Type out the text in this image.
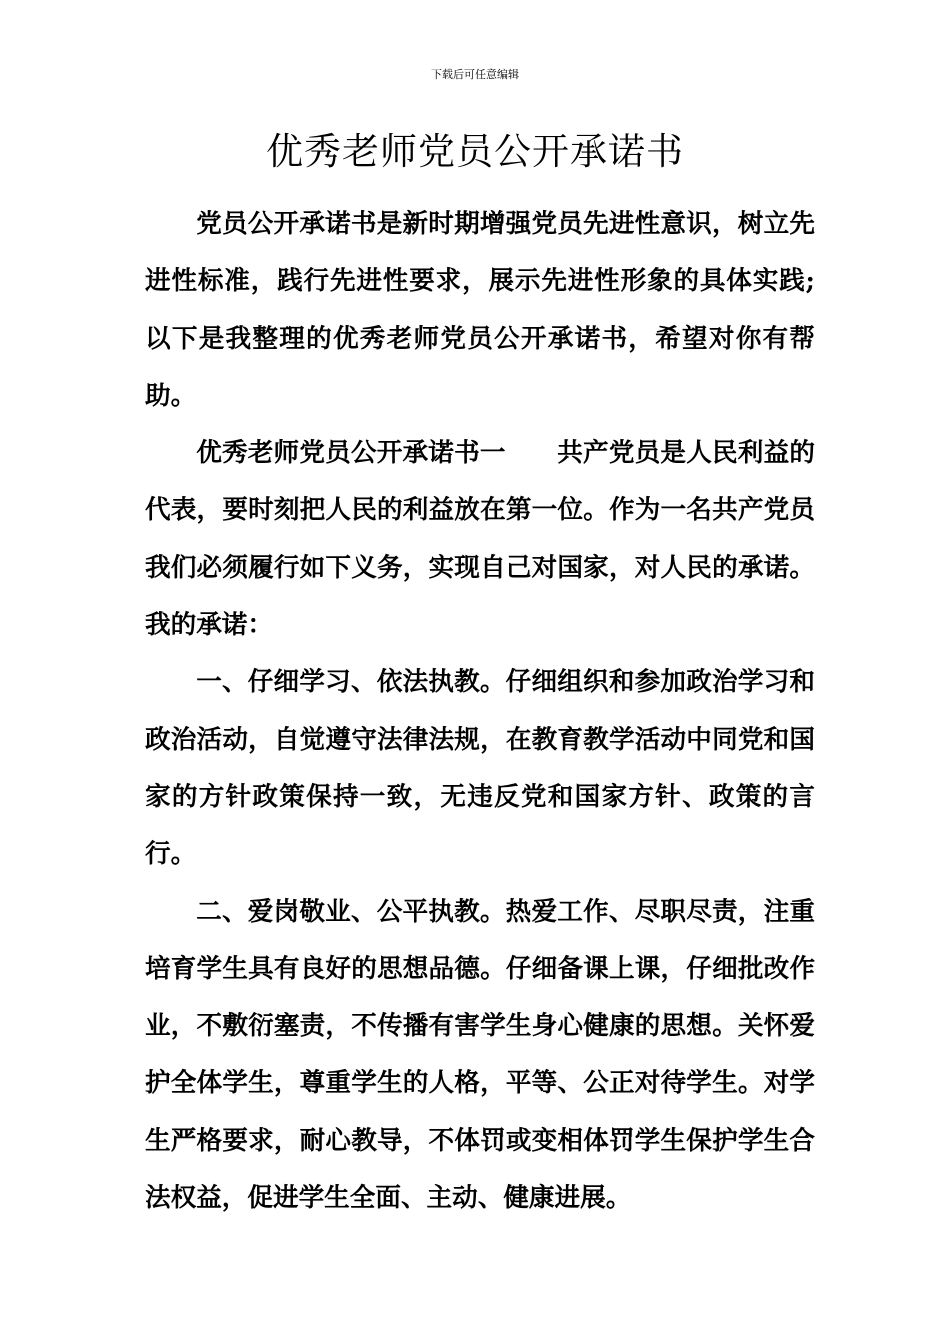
下载后可任意编辑
优秀老师党员公开承诺书

党员公开承诺书是新时期增强党员先进性意识，树立先进性标准，践行先进性要求，展示先进性形象的具体实践;以下是我整理的优秀老师党员公开承诺书，希望对你有帮助。

优秀老师党员公开承诺书一　　共产党员是人民利益的代表，要时刻把人民的利益放在第一位。作为一名共产党员我们必须履行如下义务，实现自己对国家，对人民的承诺。我的承诺：

一、仔细学习、依法执教。仔细组织和参加政治学习和政治活动，自觉遵守法律法规，在教育教学活动中同党和国家的方针政策保持一致，无违反党和国家方针、政策的言行。

二、爱岗敬业、公平执教。热爱工作、尽职尽责，注重培育学生具有良好的思想品德。仔细备课上课，仔细批改作业，不敷衍塞责，不传播有害学生身心健康的思想。关怀爱护全体学生，尊重学生的人格，平等、公正对待学生。对学生严格要求，耐心教导，不体罚或变相体罚学生保护学生合法权益，促进学生全面、主动、健康进展。
